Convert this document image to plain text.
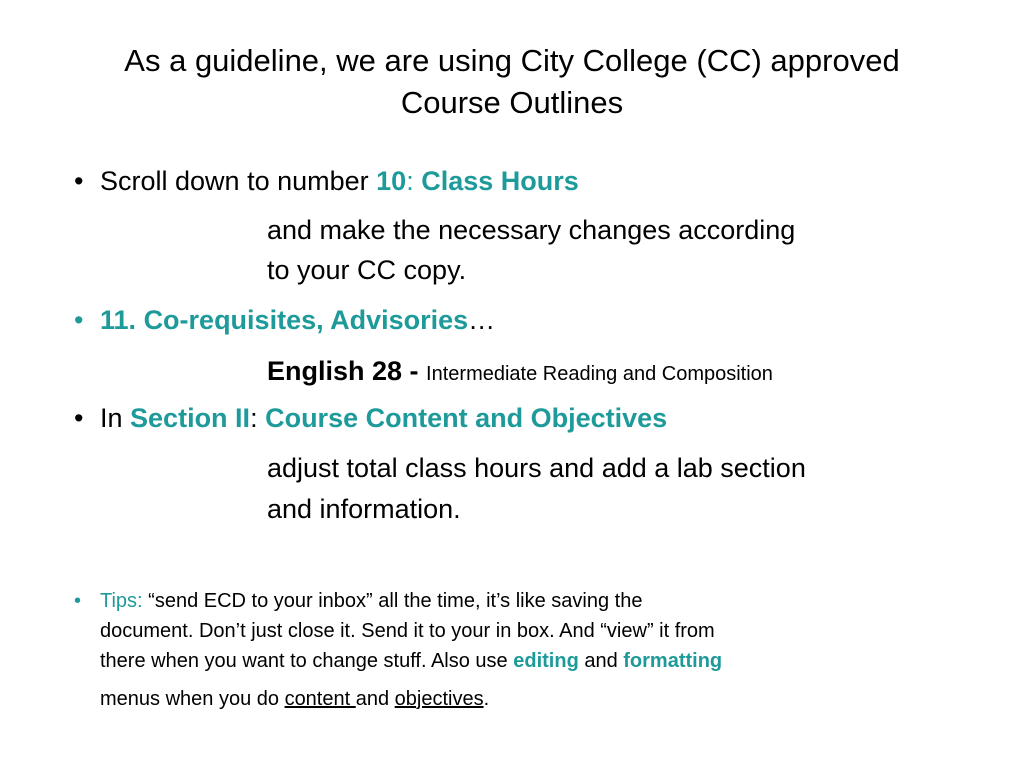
As a guideline, we are using City College (CC) approved
Course Outlines
• Scroll down to number 10: Class Hours
and make the necessary changes according
to your CC copy.
• 11. Co-requisites, Advisories…
English 28 - Intermediate Reading and Composition
• In Section II: Course Content and Objectives
adjust total class hours and add a lab section
and information.
• Tips: “send ECD to your inbox” all the time, it’s like saving the
document. Don’t just close it. Send it to your in box. And “view” it from
there when you want to change stuff. Also use editing and formatting
menus when you do content and objectives.
